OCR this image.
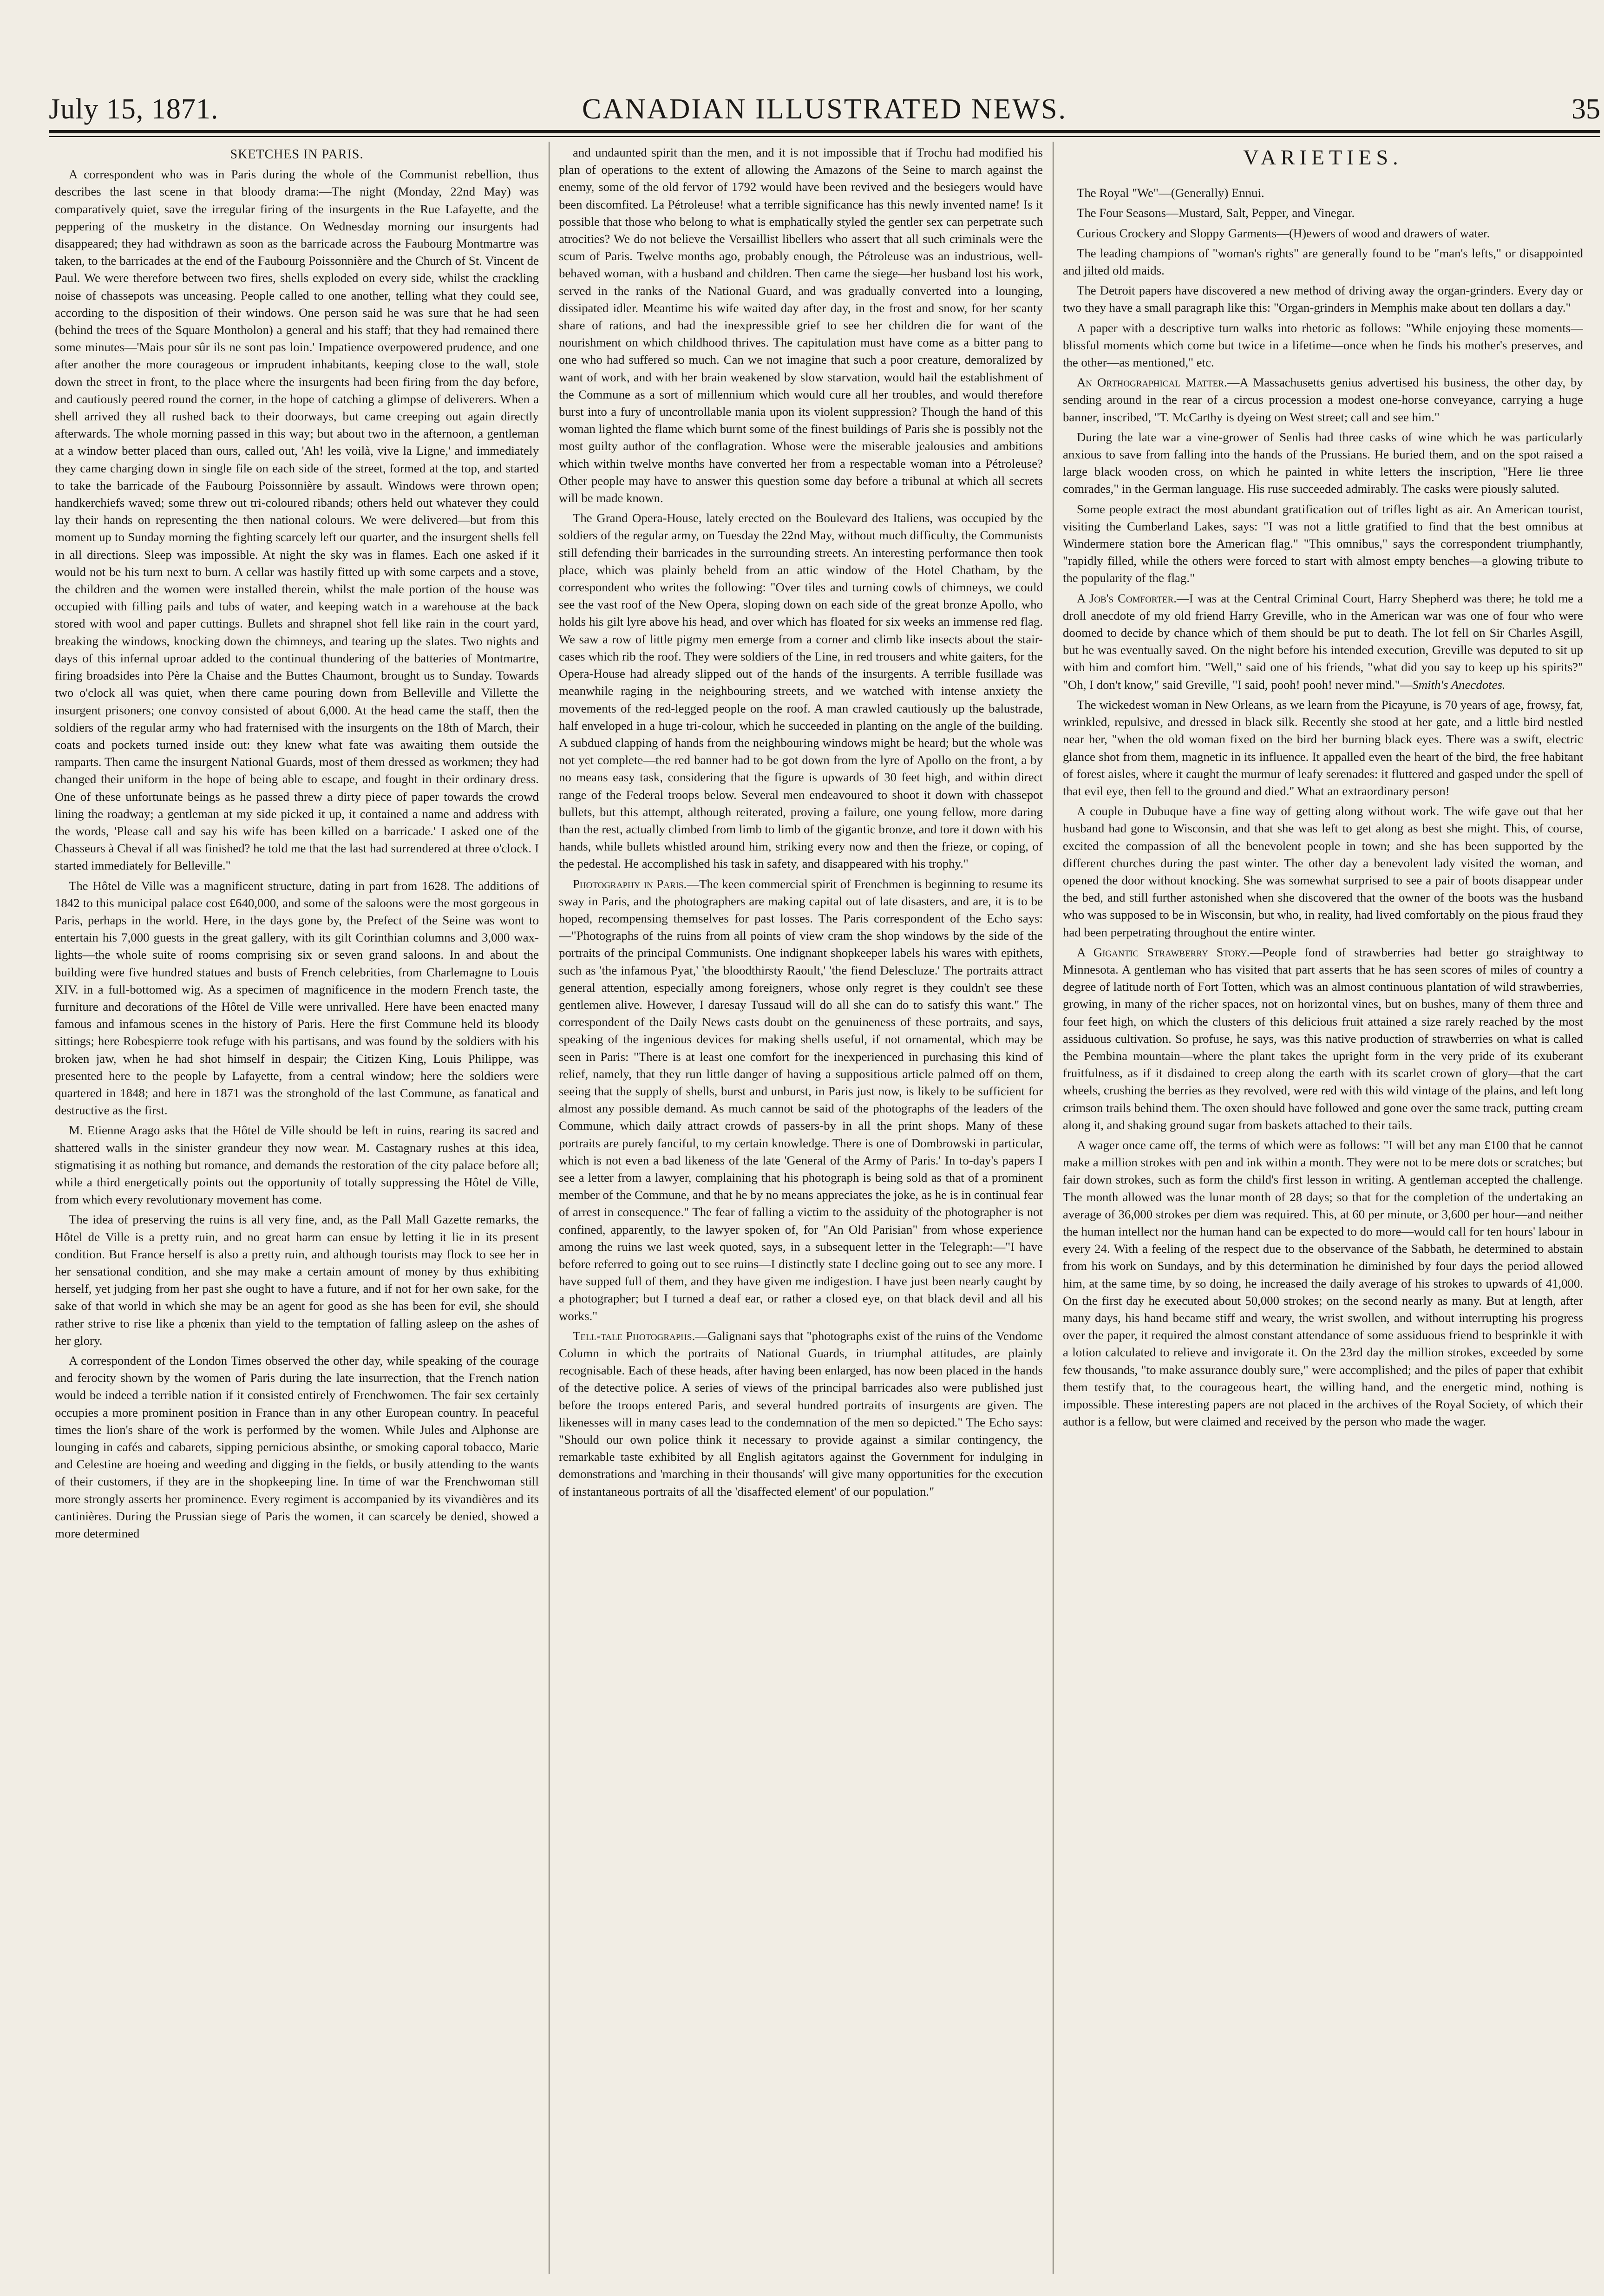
CANADIAN ILLUSTRATED NEWS.
July 15, 1871.	35
SKETCHES IN PARIS.

A correspondent who was in Paris during the whole of the Communist rebellion, thus describes the last scene in that bloody drama:—The night (Monday, 22nd May) was comparatively quiet, save the irregular firing of the insurgents in the Rue Lafayette, and the peppering of the musketry in the distance. On Wednesday morning our insurgents had disappeared; they had withdrawn as soon as the barricade across the Faubourg Montmartre was taken, to the barricades at the end of the Faubourg Poissonnière and the Church of St. Vincent de Paul. We were therefore between two fires, shells exploded on every side, whilst the crackling noise of chassepots was unceasing. People called to one another, telling what they could see, according to the disposition of their windows. One person said he was sure that he had seen (behind the trees of the Square Montholon) a general and his staff; that they had remained there some minutes—'Mais pour sûr ils ne sont pas loin.' Impatience overpowered prudence, and one after another the more courageous or imprudent inhabitants, keeping close to the wall, stole down the street in front, to the place where the insurgents had been firing from the day before, and cautiously peered round the corner, in the hope of catching a glimpse of deliverers. When a shell arrived they all rushed back to their doorways, but came creeping out again directly afterwards. The whole morning passed in this way; but about two in the afternoon, a gentleman at a window better placed than ours, called out, 'Ah! les voilà, vive la Ligne,' and immediately they came charging down in single file on each side of the street, formed at the top, and started to take the barricade of the Faubourg Poissonnière by assault. Windows were thrown open; handkerchiefs waved; some threw out tri-coloured ribands; others held out whatever they could lay their hands on representing the then national colours. We were delivered—but from this moment up to Sunday morning the fighting scarcely left our quarter, and the insurgent shells fell in all directions. Sleep was impossible. At night the sky was in flames. Each one asked if it would not be his turn next to burn. A cellar was hastily fitted up with some carpets and a stove, the children and the women were installed therein, whilst the male portion of the house was occupied with filling pails and tubs of water, and keeping watch in a warehouse at the back stored with wool and paper cuttings. Bullets and shrapnel shot fell like rain in the court yard, breaking the windows, knocking down the chimneys, and tearing up the slates. Two nights and days of this infernal uproar added to the continual thundering of the batteries of Montmartre, firing broadsides into Père la Chaise and the Buttes Chaumont, brought us to Sunday. Towards two o'clock all was quiet, when there came pouring down from Belleville and Villette the insurgent prisoners; one convoy consisted of about 6,000. At the head came the staff, then the soldiers of the regular army who had fraternised with the insurgents on the 18th of March, their coats and pockets turned inside out: they knew what fate was awaiting them outside the ramparts. Then came the insurgent National Guards, most of them dressed as workmen; they had changed their uniform in the hope of being able to escape, and fought in their ordinary dress. One of these unfortunate beings as he passed threw a dirty piece of paper towards the crowd lining the roadway; a gentleman at my side picked it up, it contained a name and address with the words, 'Please call and say his wife has been killed on a barricade.' I asked one of the Chasseurs à Cheval if all was finished? he told me that the last had surrendered at three o'clock. I started immediately for Belleville."

The Hôtel de Ville was a magnificent structure, dating in part from 1628. The additions of 1842 to this municipal palace cost £640,000, and some of the saloons were the most gorgeous in Paris, perhaps in the world. Here, in the days gone by, the Prefect of the Seine was wont to entertain his 7,000 guests in the great gallery, with its gilt Corinthian columns and 3,000 wax-lights—the whole suite of rooms comprising six or seven grand saloons. In and about the building were five hundred statues and busts of French celebrities, from Charlemagne to Louis XIV. in a full-bottomed wig. As a specimen of magnificence in the modern French taste, the furniture and decorations of the Hôtel de Ville were unrivalled. Here have been enacted many famous and infamous scenes in the history of Paris. Here the first Commune held its bloody sittings; here Robespierre took refuge with his partisans, and was found by the soldiers with his broken jaw, when he had shot himself in despair; the Citizen King, Louis Philippe, was presented here to the people by Lafayette, from a central window; here the soldiers were quartered in 1848; and here in 1871 was the stronghold of the last Commune, as fanatical and destructive as the first.

M. Etienne Arago asks that the Hôtel de Ville should be left in ruins, rearing its sacred and shattered walls in the sinister grandeur they now wear. M. Castagnary rushes at this idea, stigmatising it as nothing but romance, and demands the restoration of the city palace before all; while a third energetically points out the opportunity of totally suppressing the Hôtel de Ville, from which every revolutionary movement has come.

The idea of preserving the ruins is all very fine, and, as the Pall Mall Gazette remarks, the Hôtel de Ville is a pretty ruin, and no great harm can ensue by letting it lie in its present condition. But France herself is also a pretty ruin, and although tourists may flock to see her in her sensational condition, and she may make a certain amount of money by thus exhibiting herself, yet judging from her past she ought to have a future, and if not for her own sake, for the sake of that world in which she may be an agent for good as she has been for evil, she should rather strive to rise like a phœnix than yield to the temptation of falling asleep on the ashes of her glory.

A correspondent of the London Times observed the other day, while speaking of the courage and ferocity shown by the women of Paris during the late insurrection, that the French nation would be indeed a terrible nation if it consisted entirely of Frenchwomen. The fair sex certainly occupies a more prominent position in France than in any other European country. In peaceful times the lion's share of the work is performed by the women. While Jules and Alphonse are lounging in cafés and cabarets, sipping pernicious absinthe, or smoking caporal tobacco, Marie and Celestine are hoeing and weeding and digging in the fields, or busily attending to the wants of their customers, if they are in the shopkeeping line. In time of war the Frenchwoman still more strongly asserts her prominence. Every regiment is accompanied by its vivandières and its cantinières. During the Prussian siege of Paris the women, it can scarcely be denied, showed a more determined

and undaunted spirit than the men, and it is not impossible that if Trochu had modified his plan of operations to the extent of allowing the Amazons of the Seine to march against the enemy, some of the old fervor of 1792 would have been revived and the besiegers would have been discomfited. La Pétroleuse! what a terrible significance has this newly invented name! Is it possible that those who belong to what is emphatically styled the gentler sex can perpetrate such atrocities? We do not believe the Versaillist libellers who assert that all such criminals were the scum of Paris. Twelve months ago, probably enough, the Pétroleuse was an industrious, well-behaved woman, with a husband and children. Then came the siege—her husband lost his work, served in the ranks of the National Guard, and was gradually converted into a lounging, dissipated idler. Meantime his wife waited day after day, in the frost and snow, for her scanty share of rations, and had the inexpressible grief to see her children die for want of the nourishment on which childhood thrives. The capitulation must have come as a bitter pang to one who had suffered so much. Can we not imagine that such a poor creature, demoralized by want of work, and with her brain weakened by slow starvation, would hail the establishment of the Commune as a sort of millennium which would cure all her troubles, and would therefore burst into a fury of uncontrollable mania upon its violent suppression? Though the hand of this woman lighted the flame which burnt some of the finest buildings of Paris she is possibly not the most guilty author of the conflagration. Whose were the miserable jealousies and ambitions which within twelve months have converted her from a respectable woman into a Pétroleuse? Other people may have to answer this question some day before a tribunal at which all secrets will be made known.

The Grand Opera-House, lately erected on the Boulevard des Italiens, was occupied by the soldiers of the regular army, on Tuesday the 22nd May, without much difficulty, the Communists still defending their barricades in the surrounding streets. An interesting performance then took place, which was plainly beheld from an attic window of the Hotel Chatham, by the correspondent who writes the following: "Over tiles and turning cowls of chimneys, we could see the vast roof of the New Opera, sloping down on each side of the great bronze Apollo, who holds his gilt lyre above his head, and over which has floated for six weeks an immense red flag. We saw a row of little pigmy men emerge from a corner and climb like insects about the stair-cases which rib the roof. They were soldiers of the Line, in red trousers and white gaiters, for the Opera-House had already slipped out of the hands of the insurgents. A terrible fusillade was meanwhile raging in the neighbouring streets, and we watched with intense anxiety the movements of the red-legged people on the roof. A man crawled cautiously up the balustrade, half enveloped in a huge tri-colour, which he succeeded in planting on the angle of the building. A subdued clapping of hands from the neighbouring windows might be heard; but the whole was not yet complete—the red banner had to be got down from the lyre of Apollo on the front, a by no means easy task, considering that the figure is upwards of 30 feet high, and within direct range of the Federal troops below. Several men endeavoured to shoot it down with chassepot bullets, but this attempt, although reiterated, proving a failure, one young fellow, more daring than the rest, actually climbed from limb to limb of the gigantic bronze, and tore it down with his hands, while bullets whistled around him, striking every now and then the frieze, or coping, of the pedestal. He accomplished his task in safety, and disappeared with his trophy."

Photography in Paris.—The keen commercial spirit of Frenchmen is beginning to resume its sway in Paris, and the photographers are making capital out of late disasters, and are, it is to be hoped, recompensing themselves for past losses. The Paris correspondent of the Echo says:—"Photographs of the ruins from all points of view cram the shop windows by the side of the portraits of the principal Communists. One indignant shopkeeper labels his wares with epithets, such as 'the infamous Pyat,' 'the bloodthirsty Raoult,' 'the fiend Delescluze.' The portraits attract general attention, especially among foreigners, whose only regret is they couldn't see these gentlemen alive. However, I daresay Tussaud will do all she can do to satisfy this want." The correspondent of the Daily News casts doubt on the genuineness of these portraits, and says, speaking of the ingenious devices for making shells useful, if not ornamental, which may be seen in Paris: "There is at least one comfort for the inexperienced in purchasing this kind of relief, namely, that they run little danger of having a suppositious article palmed off on them, seeing that the supply of shells, burst and unburst, in Paris just now, is likely to be sufficient for almost any possible demand. As much cannot be said of the photographs of the leaders of the Commune, which daily attract crowds of passers-by in all the print shops. Many of these portraits are purely fanciful, to my certain knowledge. There is one of Dombrowski in particular, which is not even a bad likeness of the late 'General of the Army of Paris.' In to-day's papers I see a letter from a lawyer, complaining that his photograph is being sold as that of a prominent member of the Commune, and that he by no means appreciates the joke, as he is in continual fear of arrest in consequence." The fear of falling a victim to the assiduity of the photographer is not confined, apparently, to the lawyer spoken of, for "An Old Parisian" from whose experience among the ruins we last week quoted, says, in a subsequent letter in the Telegraph:—"I have before referred to going out to see ruins—I distinctly state I decline going out to see any more. I have supped full of them, and they have given me indigestion. I have just been nearly caught by a photographer; but I turned a deaf ear, or rather a closed eye, on that black devil and all his works."

Tell-tale Photographs.—Galignani says that "photographs exist of the ruins of the Vendome Column in which the portraits of National Guards, in triumphal attitudes, are plainly recognisable. Each of these heads, after having been enlarged, has now been placed in the hands of the detective police. A series of views of the principal barricades also were published just before the troops entered Paris, and several hundred portraits of insurgents are given. The likenesses will in many cases lead to the condemnation of the men so depicted." The Echo says: "Should our own police think it necessary to provide against a similar contingency, the remarkable taste exhibited by all English agitators against the Government for indulging in demonstrations and 'marching in their thousands' will give many opportunities for the execution of instantaneous portraits of all the 'disaffected element' of our population."

VARIETIES.

The Royal "We"—(Generally) Ennui.

The Four Seasons—Mustard, Salt, Pepper, and Vinegar.

Curious Crockery and Sloppy Garments—(H)ewers of wood and drawers of water.

The leading champions of "woman's rights" are generally found to be "man's lefts," or disappointed and jilted old maids.

The Detroit papers have discovered a new method of driving away the organ-grinders. Every day or two they have a small paragraph like this: "Organ-grinders in Memphis make about ten dollars a day."

A paper with a descriptive turn walks into rhetoric as follows: "While enjoying these moments—blissful moments which come but twice in a lifetime—once when he finds his mother's preserves, and the other—as mentioned," etc.

An Orthographical Matter.—A Massachusetts genius advertised his business, the other day, by sending around in the rear of a circus procession a modest one-horse conveyance, carrying a huge banner, inscribed, "T. McCarthy is dyeing on West street; call and see him."

During the late war a vine-grower of Senlis had three casks of wine which he was particularly anxious to save from falling into the hands of the Prussians. He buried them, and on the spot raised a large black wooden cross, on which he painted in white letters the inscription, "Here lie three comrades," in the German language. His ruse succeeded admirably. The casks were piously saluted.

Some people extract the most abundant gratification out of trifles light as air. An American tourist, visiting the Cumberland Lakes, says: "I was not a little gratified to find that the best omnibus at Windermere station bore the American flag." "This omnibus," says the correspondent triumphantly, "rapidly filled, while the others were forced to start with almost empty benches—a glowing tribute to the popularity of the flag."

A Job's Comforter.—I was at the Central Criminal Court, Harry Shepherd was there; he told me a droll anecdote of my old friend Harry Greville, who in the American war was one of four who were doomed to decide by chance which of them should be put to death. The lot fell on Sir Charles Asgill, but he was eventually saved. On the night before his intended execution, Greville was deputed to sit up with him and comfort him. "Well," said one of his friends, "what did you say to keep up his spirits?" "Oh, I don't know," said Greville, "I said, pooh! pooh! never mind."—Smith's Anecdotes.

The wickedest woman in New Orleans, as we learn from the Picayune, is 70 years of age, frowsy, fat, wrinkled, repulsive, and dressed in black silk. Recently she stood at her gate, and a little bird nestled near her, "when the old woman fixed on the bird her burning black eyes. There was a swift, electric glance shot from them, magnetic in its influence. It appalled even the heart of the bird, the free habitant of forest aisles, where it caught the murmur of leafy serenades: it fluttered and gasped under the spell of that evil eye, then fell to the ground and died." What an extraordinary person!

A couple in Dubuque have a fine way of getting along without work. The wife gave out that her husband had gone to Wisconsin, and that she was left to get along as best she might. This, of course, excited the compassion of all the benevolent people in town; and she has been supported by the different churches during the past winter. The other day a benevolent lady visited the woman, and opened the door without knocking. She was somewhat surprised to see a pair of boots disappear under the bed, and still further astonished when she discovered that the owner of the boots was the husband who was supposed to be in Wisconsin, but who, in reality, had lived comfortably on the pious fraud they had been perpetrating throughout the entire winter.

A Gigantic Strawberry Story.—People fond of strawberries had better go straightway to Minnesota. A gentleman who has visited that part asserts that he has seen scores of miles of country a degree of latitude north of Fort Totten, which was an almost continuous plantation of wild strawberries, growing, in many of the richer spaces, not on horizontal vines, but on bushes, many of them three and four feet high, on which the clusters of this delicious fruit attained a size rarely reached by the most assiduous cultivation. So profuse, he says, was this native production of strawberries on what is called the Pembina mountain—where the plant takes the upright form in the very pride of its exuberant fruitfulness, as if it disdained to creep along the earth with its scarlet crown of glory—that the cart wheels, crushing the berries as they revolved, were red with this wild vintage of the plains, and left long crimson trails behind them. The oxen should have followed and gone over the same track, putting cream along it, and shaking ground sugar from baskets attached to their tails.

A wager once came off, the terms of which were as follows: "I will bet any man £100 that he cannot make a million strokes with pen and ink within a month. They were not to be mere dots or scratches; but fair down strokes, such as form the child's first lesson in writing. A gentleman accepted the challenge. The month allowed was the lunar month of 28 days; so that for the completion of the undertaking an average of 36,000 strokes per diem was required. This, at 60 per minute, or 3,600 per hour—and neither the human intellect nor the human hand can be expected to do more—would call for ten hours' labour in every 24. With a feeling of the respect due to the observance of the Sabbath, he determined to abstain from his work on Sundays, and by this determination he diminished by four days the period allowed him, at the same time, by so doing, he increased the daily average of his strokes to upwards of 41,000. On the first day he executed about 50,000 strokes; on the second nearly as many. But at length, after many days, his hand became stiff and weary, the wrist swollen, and without interrupting his progress over the paper, it required the almost constant attendance of some assiduous friend to besprinkle it with a lotion calculated to relieve and invigorate it. On the 23rd day the million strokes, exceeded by some few thousands, "to make assurance doubly sure," were accomplished; and the piles of paper that exhibit them testify that, to the courageous heart, the willing hand, and the energetic mind, nothing is impossible. These interesting papers are not placed in the archives of the Royal Society, of which their author is a fellow, but were claimed and received by the person who made the wager.
